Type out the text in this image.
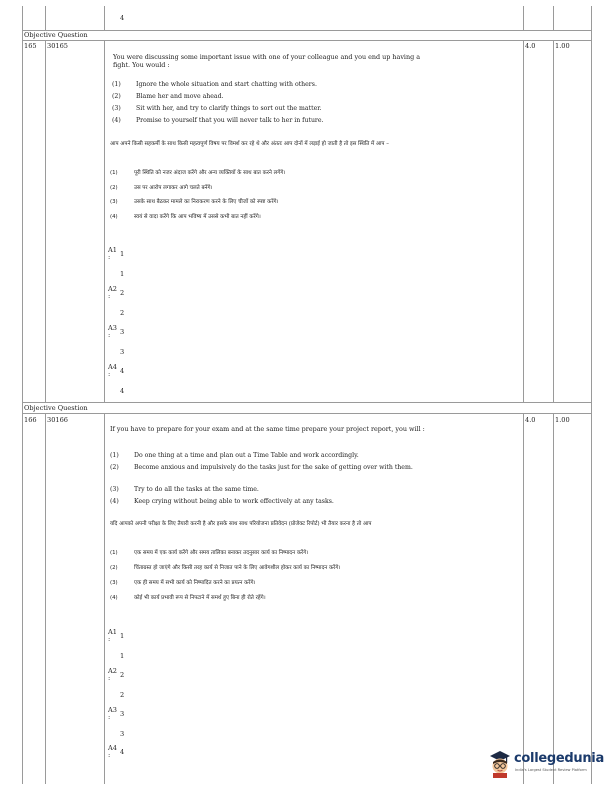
4
Objective Question
165 30165	4.0	1.00
You were discussing some important issue with one of your colleague and you end up having a fight. You would :
(1) Ignore the whole situation and start chatting with others.
(2) Blame her and move ahead.
(3) Sit with her, and try to clarify things to sort out the matter.
(4) Promise to yourself that you will never talk to her in future.
आप अपने किसी सहकर्मी के साथ किसी महत्वपूर्ण विषय पर विमर्श कर रहे थे और अंततः आप दोनों में लड़ाई हो जाती है तो इस स्थिति में आप –
(1)	पूरी स्थिति को नजर अंदाज करेंगे और अन्य व्यक्तियों के साथ बात करने लगेंगे।
(2)	उस पर आरोप लगाकर आगे चलते बनेंगे।
(3)	उसके साथ बैठकर मामले का निराकरण करने के लिए चीजों को स्पष्ट करेंगे।
(4)	स्वयं से वादा करेंगे कि आप भविष्य में उससे कभी बात नहीं करेंगे।
A1
:	1
1
A2
:	2
2
A3
:	3
3
A4
:	4
4
Objective Question
166 30166	4.0	1.00
If you have to prepare for your exam and at the same time prepare your project report, you will :
(1) Do one thing at a time and plan out a Time Table and work accordingly.
(2) Become anxious and impulsively do the tasks just for the sake of getting over with them.
(3) Try to do all the tasks at the same time.
(4) Keep crying without being able to work effectively at any tasks.
यदि आपको अपनी परीक्षा के लिए तैयारी करनी है और इसके साथ साथ परियोजना प्रतिवेदन (प्रोजेक्ट रिपोर्ट) भी तैयार करना है तो आप
(1)	एक समय में एक कार्य करेंगे और समय तालिका बनाकर तदनुसार कार्य का निष्पादन करेंगे।
(2)	चिंताग्रस्त हो जाएंगे और किसी तरह कार्य से निजात पाने के लिए आवेगशील होकर कार्य का निष्पादन करेंगे।
(3)	एक ही समय में सभी कार्य को निष्पादित करने का प्रयत्न करेंगे।
(4)	कोई भी कार्य प्रभावी रूप से निपटाने में समर्थ हुए बिना ही रोते रहेंगे।
A1
:	1
1
A2
:	2
2
A3
:	3
3
A4
:	4	collegedunia
India's Largest Student Review Platform
